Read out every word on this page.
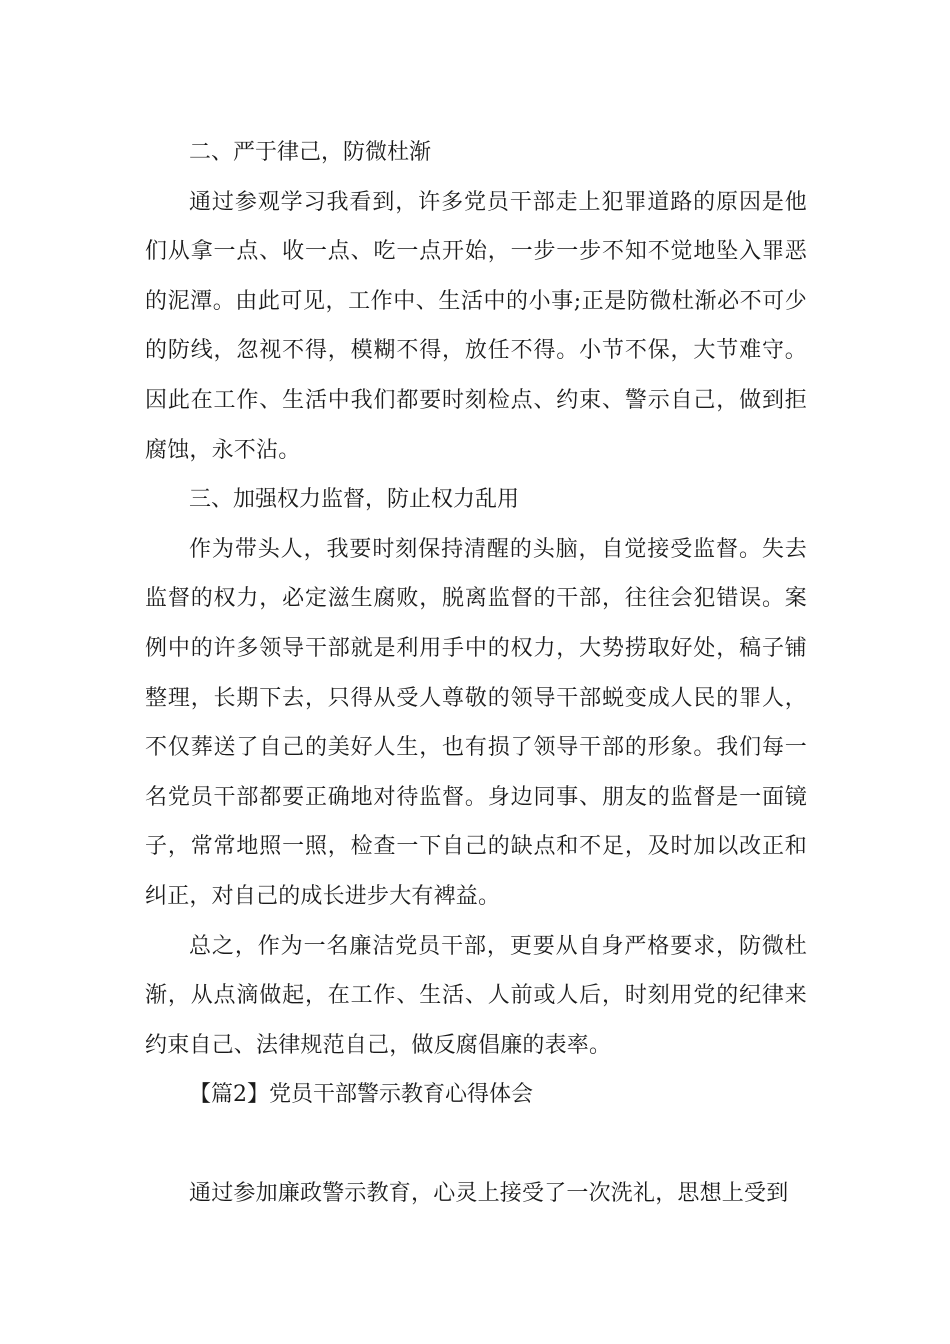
二、严于律己，防微杜渐

通过参观学习我看到，许多党员干部走上犯罪道路的原因是他们从拿一点、收一点、吃一点开始，一步一步不知不觉地坠入罪恶的泥潭。由此可见，工作中、生活中的小事;正是防微杜渐必不可少的防线，忽视不得，模糊不得，放任不得。小节不保，大节难守。因此在工作、生活中我们都要时刻检点、约束、警示自己，做到拒腐蚀，永不沾。

三、加强权力监督，防止权力乱用

作为带头人，我要时刻保持清醒的头脑，自觉接受监督。失去监督的权力，必定滋生腐败，脱离监督的干部，往往会犯错误。案例中的许多领导干部就是利用手中的权力，大势捞取好处，稿子铺整理，长期下去，只得从受人尊敬的领导干部蜕变成人民的罪人，不仅葬送了自己的美好人生，也有损了领导干部的形象。我们每一名党员干部都要正确地对待监督。身边同事、朋友的监督是一面镜子，常常地照一照，检查一下自己的缺点和不足，及时加以改正和纠正，对自己的成长进步大有裨益。

总之，作为一名廉洁党员干部，更要从自身严格要求，防微杜渐，从点滴做起，在工作、生活、人前或人后，时刻用党的纪律来约束自己、法律规范自己，做反腐倡廉的表率。

【篇2】党员干部警示教育心得体会

通过参加廉政警示教育，心灵上接受了一次洗礼，思想上受到
